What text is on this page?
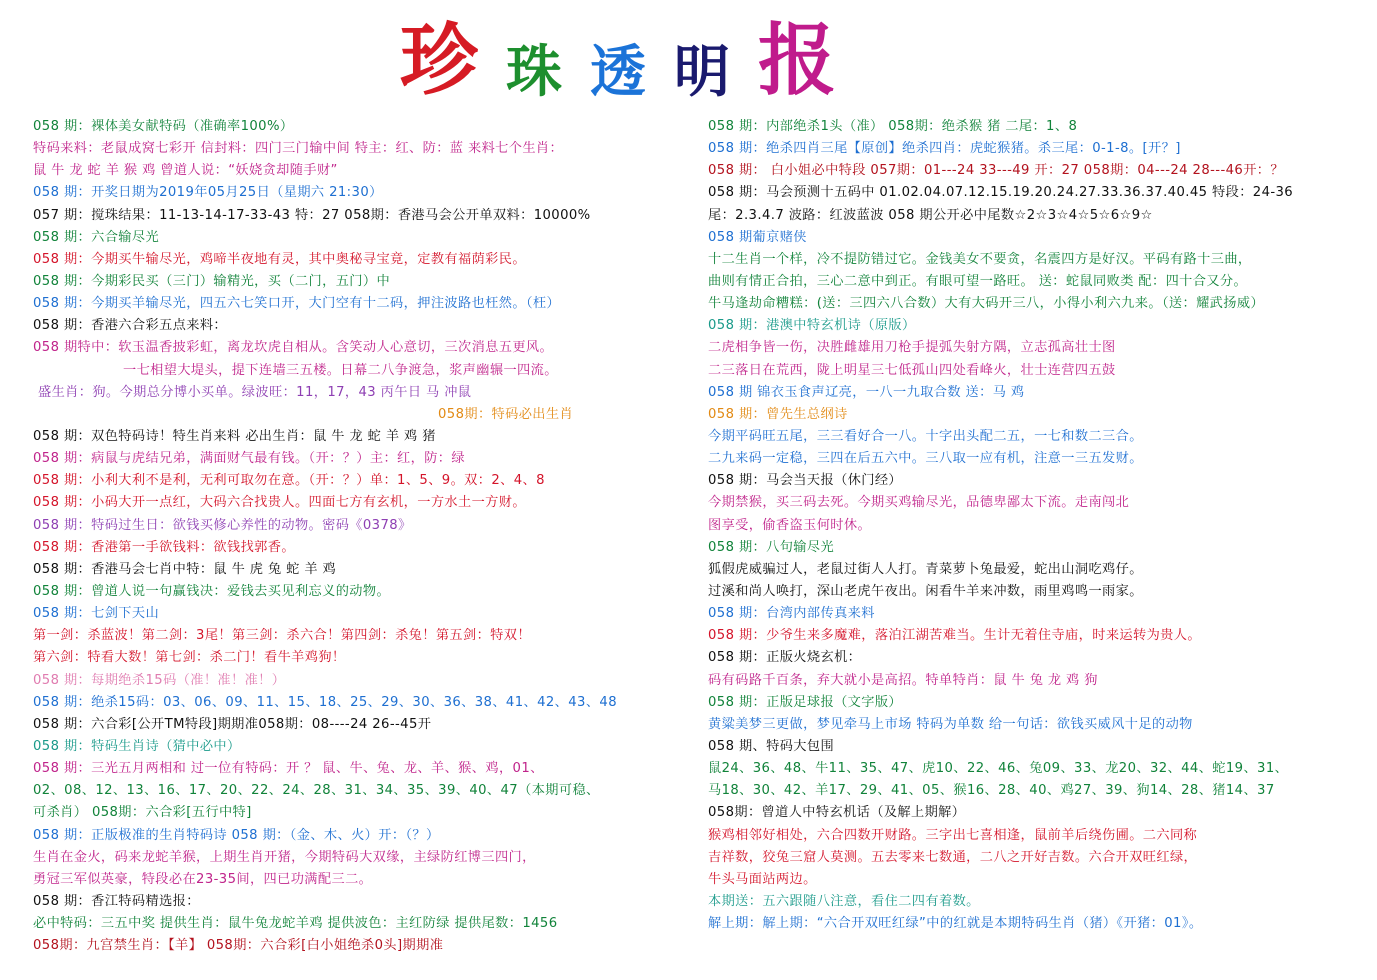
珍 珠 透 明 报
058 期：裸体美女献特码（准确率100%）
特码来料：老鼠成窝七彩开 信封料：四门三门输中间 特主：红、防：蓝 来料七个生肖：
鼠 牛 龙 蛇 羊 猴 鸡 曾道人说：“妖娆贪却随手财”
058 期：开奖日期为2019年05月25日（星期六 21:30）
057 期：搅珠结果：11-13-14-17-33-43 特：27 058期：香港马会公开单双料：10000%
058 期：六合输尽光
058 期：今期买牛输尽光，鸡啼半夜地有灵，其中奥秘寻宝竟，定教有福荫彩民。
058 期：今期彩民买（三门）输精光，买（二门，五门）中
058 期：今期买羊输尽光，四五六七笑口开，大门空有十二码，押注波路也枉然。（枉）
058 期：香港六合彩五点来料：
058 期特中：软玉温香披彩虹，离龙坎虎自相从。含笑动人心意切，三次消息五更风。
一七相望大堤头，提下连墙三五楼。日幕二八争渡急，浆声幽辗一四流。
盛生肖：狗。今期总分博小买单。绿波旺：11，17，43 丙午日 马 冲鼠
058期：特码必出生肖
058 期：双色特码诗！特生肖来料 必出生肖：鼠 牛 龙 蛇 羊 鸡 猪
058 期：病鼠与虎结兄弟，满面财气最有钱。（开：？）主：红，防：绿
058 期：小利大利不是利，无利可取勿在意。（开：？）单：1、5、9。双：2、4、8
058 期：小码大开一点红，大码六合找贵人。四面七方有玄机，一方水土一方财。
058 期：特码过生日：欲钱买修心养性的动物。密码《0378》
058 期：香港第一手欲钱料：欲钱找郭香。
058 期：香港马会七肖中特：鼠 牛 虎 兔 蛇 羊 鸡
058 期：曾道人说一句赢钱决：爱钱去买见利忘义的动物。
058 期：七剑下天山
第一剑：杀蓝波！第二剑：3尾！第三剑：杀六合！第四剑：杀兔！第五剑：特双！
第六剑：特看大数！第七剑：杀二门！看牛羊鸡狗！
058 期：每期绝杀15码（准！准！准！）
058 期：绝杀15码：03、06、09、11、15、18、25、29、30、36、38、41、42、43、48
058 期：六合彩[公开TM特段]期期准058期：08----24 26--45开
058 期：特码生肖诗（猜中必中）
058 期：三光五月两相和 过一位有特码：开 ？ 鼠、牛、兔、龙、羊、猴、鸡，01、
02、08、12、13、16、17、20、22、24、28、31、34、35、39、40、47（本期可稳、
可杀肖） 058期：六合彩[五行中特]
058 期：正版极准的生肖特码诗 058 期：（金、木、火）开：（？）
生肖在金火，码来龙蛇羊猴，上期生肖开猪，今期特码大双缘，主绿防红博三四门，
勇冠三军似英豪，特段必在23-35间，四已功满配三二。
058 期：香江特码精选报：
必中特码：三五中奖 提供生肖：鼠牛兔龙蛇羊鸡 提供波色：主红防绿 提供尾数：1456
058期：九宫禁生肖：【羊】 058期：六合彩[白小姐绝杀0头]期期准
058 期：内部绝杀1头（准） 058期：绝杀猴 猪 二尾：1、8
058 期：绝杀四肖三尾【原创】绝杀四肖：虎蛇猴猪。杀三尾：0-1-8。[开？]
058 期： 白小姐必中特段 057期：01---24 33---49 开：27 058期：04---24 28---46开：？
058 期：马会预测十五码中 01.02.04.07.12.15.19.20.24.27.33.36.37.40.45 特段：24-36
尾：2.3.4.7 波路：红波蓝波 058 期公开必中尾数☆2☆3☆4☆5☆6☆9☆
058 期葡京赌侠
十二生肖一个样，冷不提防错过它。金钱美女不要贪，名震四方是好汉。平码有路十三曲，
曲则有情正合拍，三心二意中到正。有眼可望一路旺。 送：蛇鼠同败类 配：四十合又分。
牛马逢劫命糟糕：(送：三四六八合数）大有大码开三八，小得小利六九来。（送：耀武扬威）
058 期：港澳中特玄机诗（原版）
二虎相争皆一伤，决胜雌雄用刀枪手提弧失射方隅，立志孤高壮士图
二三落日在荒西，陇上明星三七低孤山四处看峰火，壮士连营四五鼓
058 期 锦衣玉食声辽亮，一八一九取合数 送：马 鸡
058 期：曾先生总纲诗
今期平码旺五尾，三三看好合一八。十字出头配二五，一七和数二三合。
二九来码一定稳，三四在后五六中。三八取一应有机，注意一三五发财。
058 期：马会当天报（休门经）
今期禁猴，买三码去死。今期买鸡输尽光，品德卑鄙太下流。走南闯北
图享受，偷香盗玉何时休。
058 期：八句输尽光
狐假虎威骗过人，老鼠过街人人打。青菜萝卜兔最爱，蛇出山洞吃鸡仔。
过溪和尚人唤打，深山老虎午夜出。闲看牛羊来冲数，雨里鸡鸣一雨家。
058 期：台湾内部传真来料
058 期：少爷生来多魔难，落泊江湖苦难当。生计无着住寺庙，时来运转为贵人。
058 期：正版火烧玄机：
码有码路千百条，弃大就小是高招。特单特肖：鼠 牛 兔 龙 鸡 狗
058 期：正版足球报（文字版）
黄粱美梦三更做，梦见牵马上市场 特码为单数 给一句话：欲钱买威风十足的动物
058 期、特码大包围
鼠24、36、48、牛11、35、47、虎10、22、46、兔09、33、龙20、32、44、蛇19、31、
马18、30、42、羊17、29、41、05、猴16、28、40、鸡27、39、狗14、28、猪14、37
058期：曾道人中特玄机话（及解上期解）
猴鸡相邻好相处，六合四数开财路。三字出七喜相逢，鼠前羊后绕伤圃。二六同称
吉祥数，狡兔三窟人莫测。五去零来七数通，二八之开好吉数。六合开双旺红绿，
牛头马面站两边。
本期送：五六跟随八注意，看住二四有着数。
解上期：解上期：“六合开双旺红绿”中的红就是本期特码生肖（猪）《开猪：01》。
